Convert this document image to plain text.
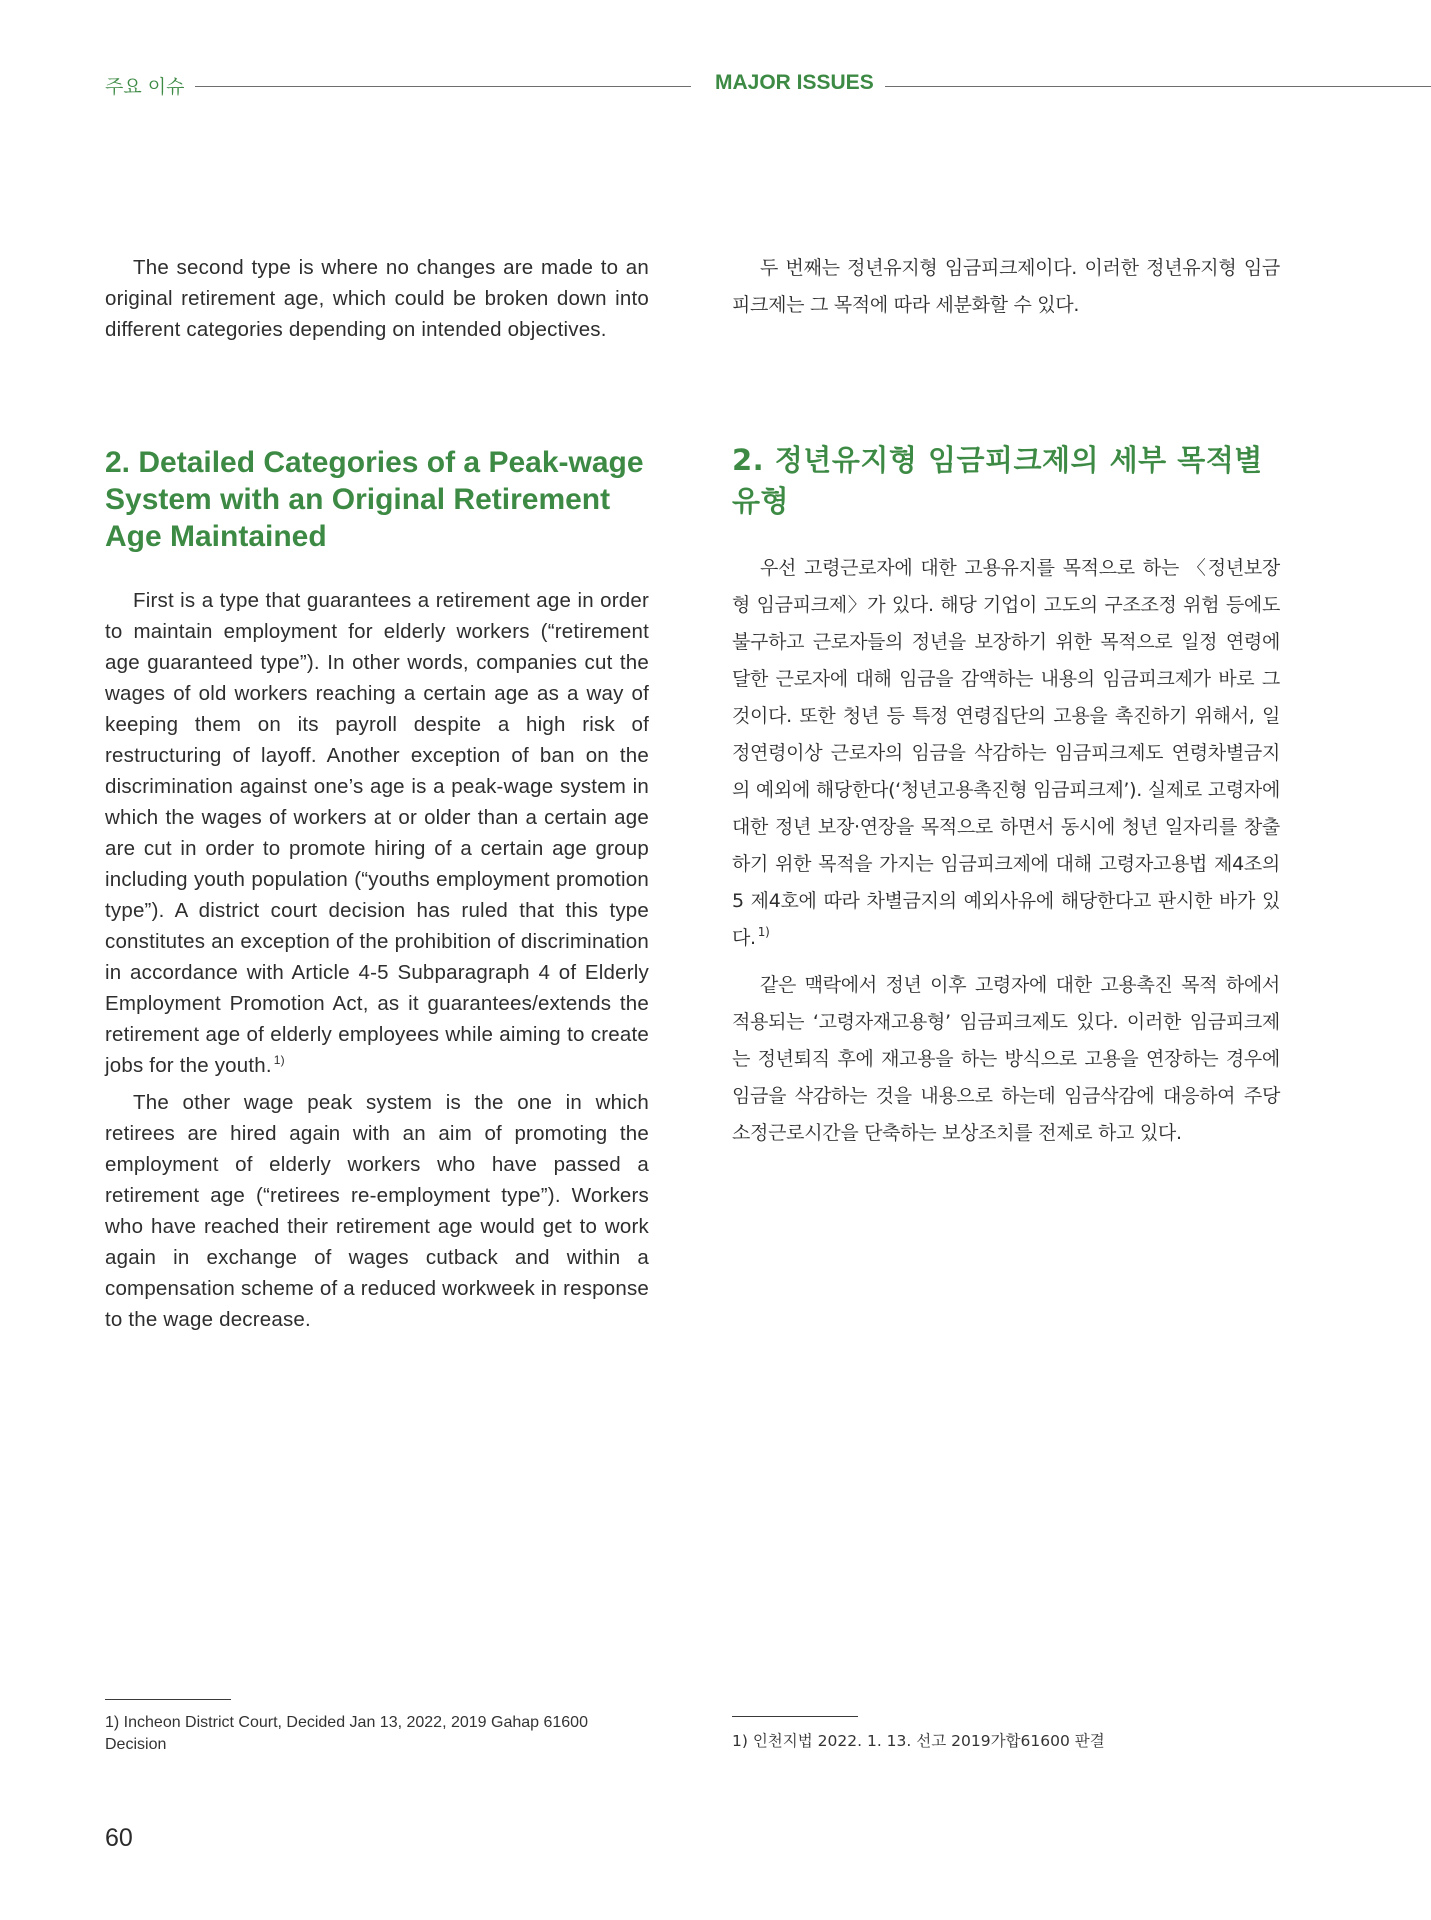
주요 이슈	MAJOR ISSUES

The second type is where no changes are made to an original retirement age, which could be broken down into different categories depending on intended objectives.

두 번째는 정년유지형 임금피크제이다. 이러한 정년유지형 임금피크제는 그 목적에 따라 세분화할 수 있다.

2. Detailed Categories of a Peak-wage System with an Original Retirement Age Maintained

First is a type that guarantees a retirement age in order to maintain employment for elderly workers (“retirement age guaranteed type”). In other words, companies cut the wages of old workers reaching a certain age as a way of keeping them on its payroll despite a high risk of restructuring of layoff. Another exception of ban on the discrimination against one’s age is a peak-wage system in which the wages of workers at or older than a certain age are cut in order to promote hiring of a certain age group including youth population (“youths employment promotion type”). A district court decision has ruled that this type constitutes an exception of the prohibition of discrimination in accordance with Article 4-5 Subparagraph 4 of Elderly Employment Promotion Act, as it guarantees/extends the retirement age of elderly employees while aiming to create jobs for the youth. $^{1)}$

The other wage peak system is the one in which retirees are hired again with an aim of promoting the employment of elderly workers who have passed a retirement age (“retirees re-employment type”). Workers who have reached their retirement age would get to work again in exchange of wages cutback and within a compensation scheme of a reduced workweek in response to the wage decrease.

2. 정년유지형 임금피크제의 세부 목적별 유형

우선 고령근로자에 대한 고용유지를 목적으로 하는 〈정년보장형 임금피크제〉가 있다. 해당 기업이 고도의 구조조정 위험 등에도 불구하고 근로자들의 정년을 보장하기 위한 목적으로 일정 연령에 달한 근로자에 대해 임금을 감액하는 내용의 임금피크제가 바로 그것이다. 또한 청년 등 특정 연령집단의 고용을 촉진하기 위해서, 일정연령이상 근로자의 임금을 삭감하는 임금피크제도 연령차별금지의 예외에 해당한다(‘청년고용촉진형 임금피크제’). 실제로 고령자에 대한 정년 보장·연장을 목적으로 하면서 동시에 청년 일자리를 창출하기 위한 목적을 가지는 임금피크제에 대해 고령자고용법 제4조의5 제4호에 따라 차별금지의 예외사유에 해당한다고 판시한 바가 있다. $^{1)}$

같은 맥락에서 정년 이후 고령자에 대한 고용촉진 목적 하에서 적용되는 ‘고령자재고용형’ 임금피크제도 있다. 이러한 임금피크제는 정년퇴직 후에 재고용을 하는 방식으로 고용을 연장하는 경우에 임금을 삭감하는 것을 내용으로 하는데 임금삭감에 대응하여 주당 소정근로시간을 단축하는 보상조치를 전제로 하고 있다.

1) Incheon District Court, Decided Jan 13, 2022, 2019 Gahap 61600 Decision	1) 인천지법 2022. 1. 13. 선고 2019가합61600 판결
60
